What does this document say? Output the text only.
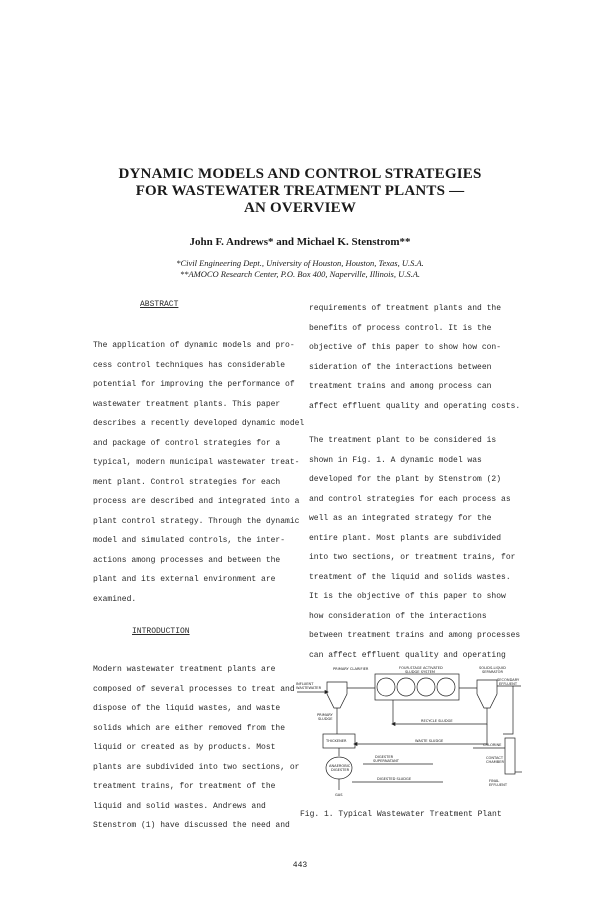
DYNAMIC MODELS AND CONTROL STRATEGIES
FOR WASTEWATER TREATMENT PLANTS —
AN OVERVIEW
John F. Andrews* and Michael K. Stenstrom**
*Civil Engineering Dept., University of Houston, Houston, Texas, U.S.A.
**AMOCO Research Center, P.O. Box 400, Naperville, Illinois, U.S.A.
ABSTRACT
The application of dynamic models and pro-
cess control techniques has considerable
potential for improving the performance of
wastewater treatment plants. This paper
describes a recently developed dynamic model
and package of control strategies for a
typical, modern municipal wastewater treat-
ment plant. Control strategies for each
process are described and integrated into a
plant control strategy. Through the dynamic
model and simulated controls, the inter-
actions among processes and between the
plant and its external environment are
examined.
INTRODUCTION
Modern wastewater treatment plants are
composed of several processes to treat and
dispose of the liquid wastes, and waste
solids which are either removed from the
liquid or created as by products. Most
plants are subdivided into two sections, or
treatment trains, for treatment of the
liquid and solid wastes. Andrews and
Stenstrom (1) have discussed the need and
requirements of treatment plants and the
benefits of process control. It is the
objective of this paper to show how con-
sideration of the interactions between
treatment trains and among process can
affect effluent quality and operating costs.
The treatment plant to be considered is
shown in Fig. 1. A dynamic model was
developed for the plant by Stenstrom (2)
and control strategies for each process as
well as an integrated strategy for the
entire plant. Most plants are subdivided
into two sections, or treatment trains, for
treatment of the liquid and solids wastes.
It is the objective of this paper to show
how consideration of the interactions
between treatment trains and among processes
can affect effluent quality and operating
PRIMARY CLARIFIER	FOUR-STAGE ACTIVATED
SLUDGE SYSTEM
SOLIDS-LIQUID
SEPARATOR
INFLUENT
WASTEWATER
SECONDARY
EFFLUENT
PRIMARY
SLUDGE	RECYCLE SLUDGE
THICKENER	WASTE SLUDGE
CHLORINE
DIGESTER
SUPERNATANT
CONTACT
CHAMBER
ANAEROBIC
DIGESTER
DIGESTED SLUDGE	FINAL
EFFLUENT
GAS
Fig. 1. Typical Wastewater Treatment Plant
443
